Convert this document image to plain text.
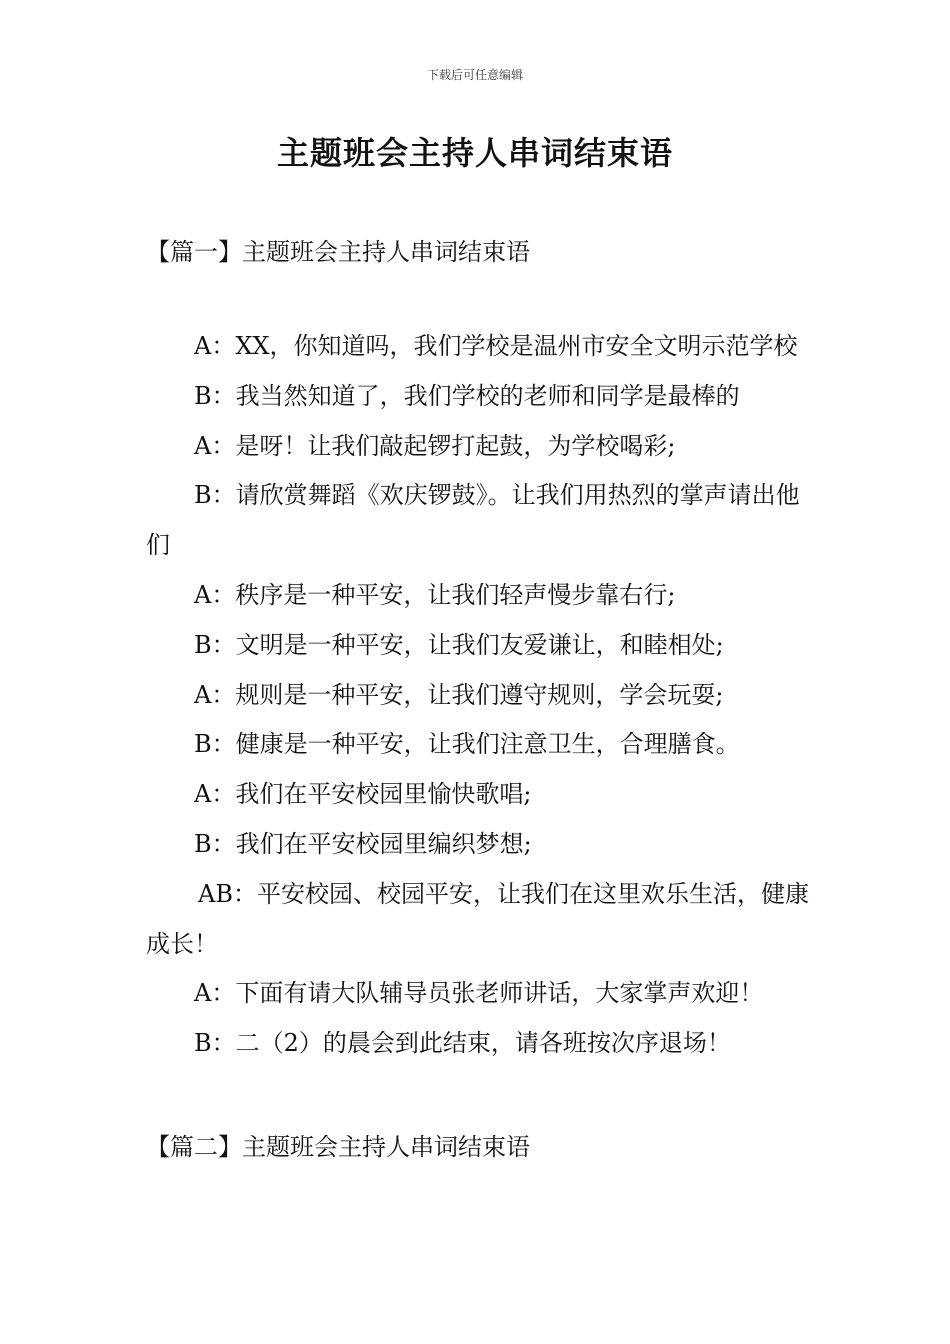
下载后可任意编辑
主题班会主持人串词结束语
【篇一】主题班会主持人串词结束语

A：XX，你知道吗，我们学校是温州市安全文明示范学校

B：我当然知道了，我们学校的老师和同学是最棒的

A：是呀！让我们敲起锣打起鼓，为学校喝彩;

B：请欣赏舞蹈《欢庆锣鼓》。让我们用热烈的掌声请出他们

A：秩序是一种平安，让我们轻声慢步靠右行;

B：文明是一种平安，让我们友爱谦让，和睦相处;

A：规则是一种平安，让我们遵守规则，学会玩耍;

B：健康是一种平安，让我们注意卫生，合理膳食。

A：我们在平安校园里愉快歌唱;

B：我们在平安校园里编织梦想;

AB：平安校园、校园平安，让我们在这里欢乐生活，健康成长！

A：下面有请大队辅导员张老师讲话，大家掌声欢迎！

B：二（2）的晨会到此结束，请各班按次序退场！

【篇二】主题班会主持人串词结束语
